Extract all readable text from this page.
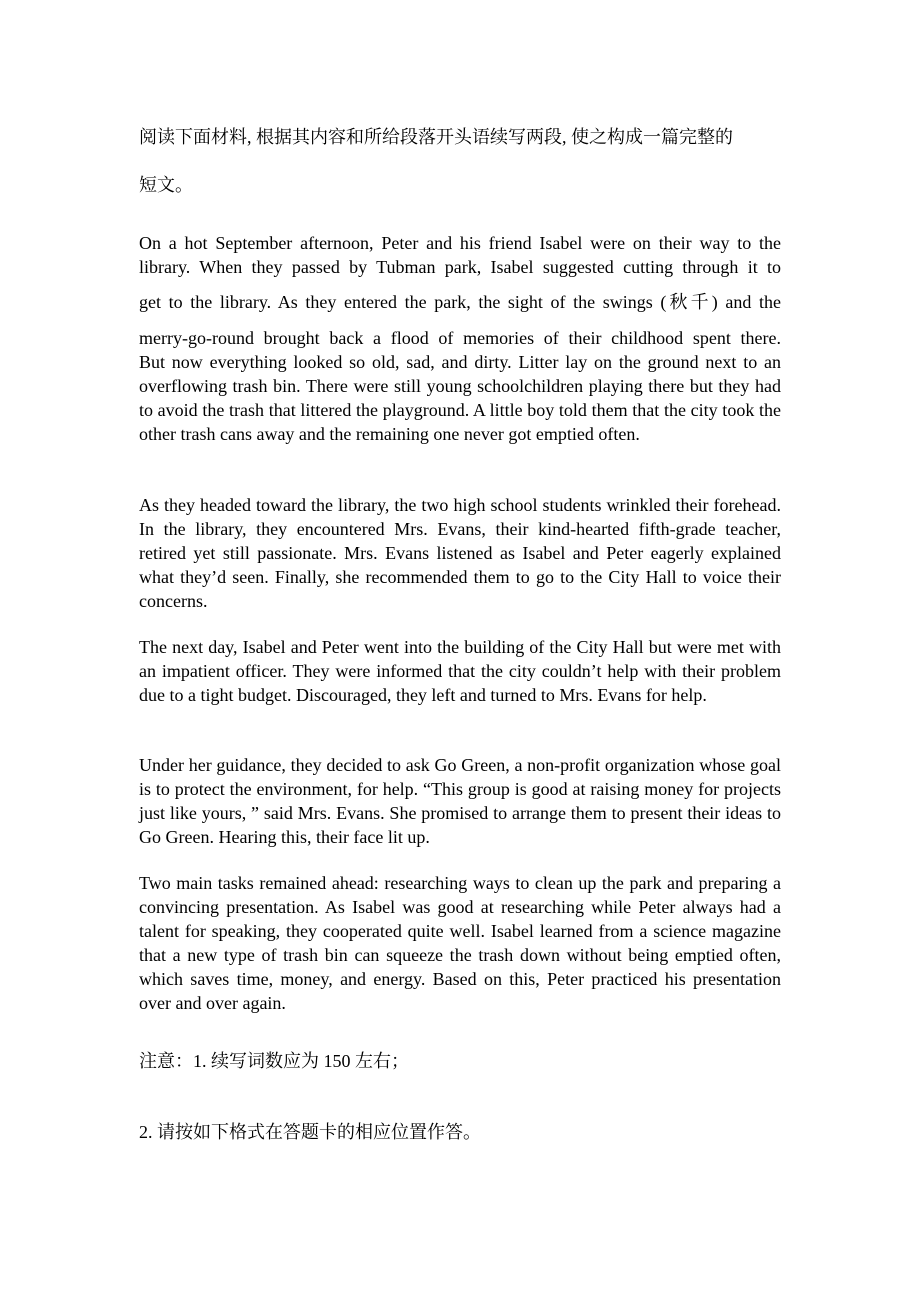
阅读下面材料, 根据其内容和所给段落开头语续写两段, 使之构成一篇完整的
短文。
On a hot September afternoon, Peter and his friend Isabel were on their way to the
library. When they passed by Tubman park, Isabel suggested cutting through it to
get to the library. As they entered the park, the sight of the swings (秋千) and the
merry-go-round brought back a flood of memories of their childhood spent there.

But now everything looked so old, sad, and dirty. Litter lay on the ground next to an overflowing trash bin. There were still young schoolchildren playing there but they had to avoid the trash that littered the playground. A little boy told them that the city took the other trash cans away and the remaining one never got emptied often.

As they headed toward the library, the two high school students wrinkled their forehead. In the library, they encountered Mrs. Evans, their kind-hearted fifth-grade teacher, retired yet still passionate. Mrs. Evans listened as Isabel and Peter eagerly explained what they’d seen. Finally, she recommended them to go to the City Hall to voice their concerns.

The next day, Isabel and Peter went into the building of the City Hall but were met with an impatient officer. They were informed that the city couldn’t help with their problem due to a tight budget. Discouraged, they left and turned to Mrs. Evans for help.

Under her guidance, they decided to ask Go Green, a non-profit organization whose goal is to protect the environment, for help. “This group is good at raising money for projects just like yours, ” said Mrs. Evans. She promised to arrange them to present their ideas to Go Green. Hearing this, their face lit up.

Two main tasks remained ahead: researching ways to clean up the park and preparing a convincing presentation. As Isabel was good at researching while Peter always had a talent for speaking, they cooperated quite well. Isabel learned from a science magazine that a new type of trash bin can squeeze the trash down without being emptied often, which saves time, money, and energy. Based on this, Peter practiced his presentation over and over again.

注意：1. 续写词数应为 150 左右；
2. 请按如下格式在答题卡的相应位置作答。
